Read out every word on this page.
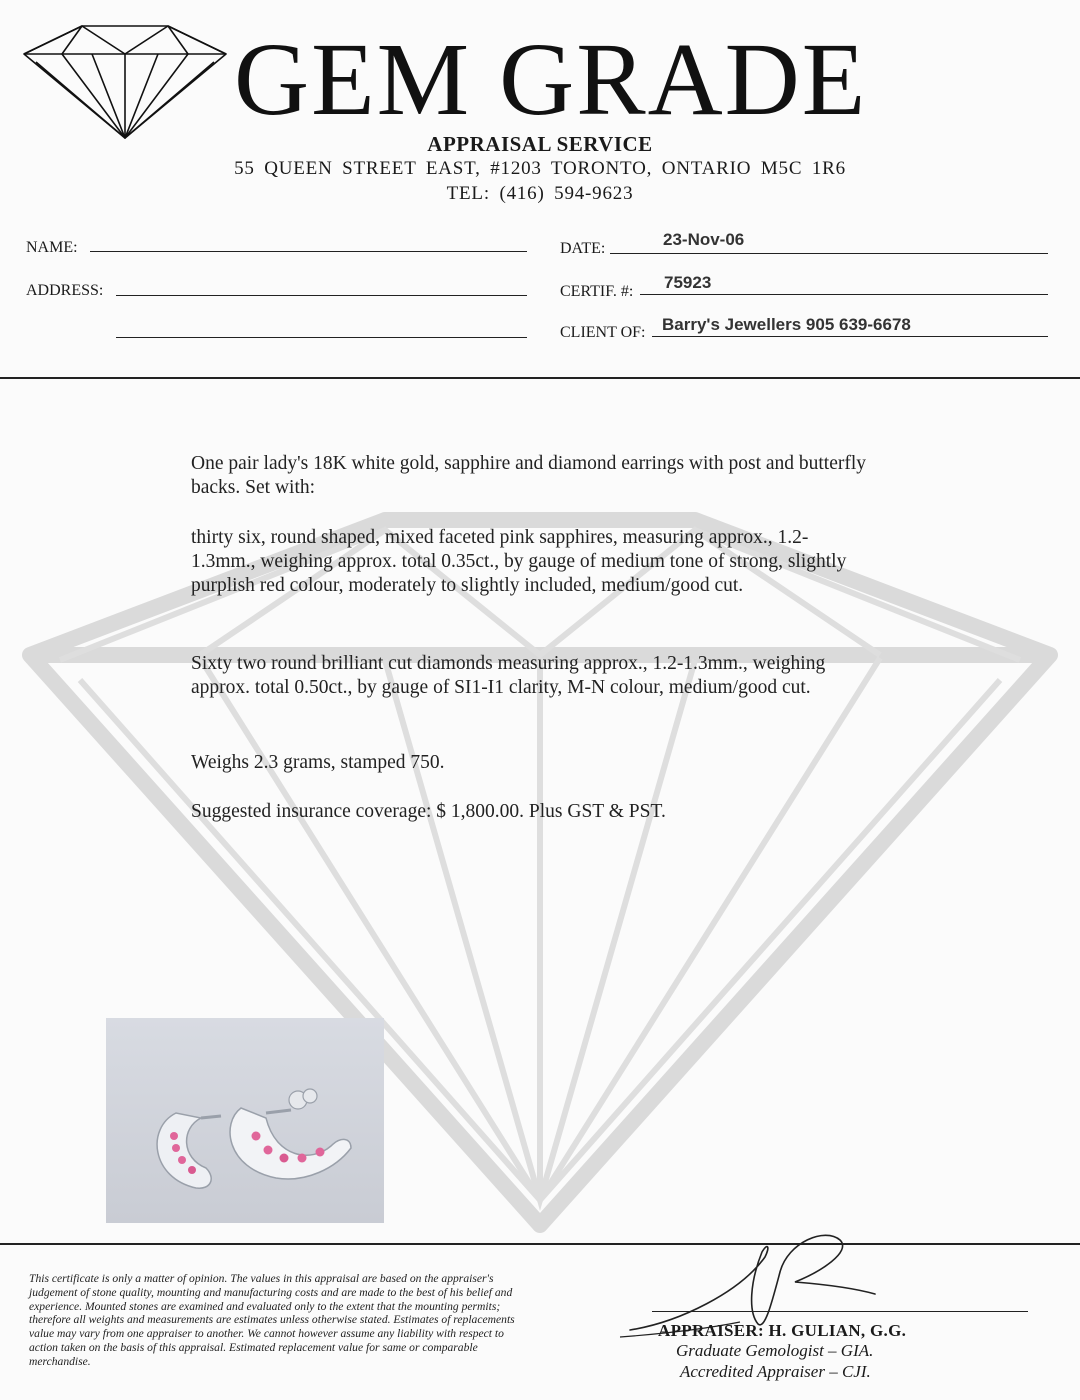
GEM GRADE
APPRAISAL SERVICE
55 QUEEN STREET EAST, #1203 TORONTO, ONTARIO M5C 1R6
TEL: (416) 594-9623
NAME:
ADDRESS:
DATE:	23-Nov-06
CERTIF. #: 75923
CLIENT OF: Barry's Jewellers 905 639-6678

One pair lady's 18K white gold, sapphire and diamond earrings with post and butterfly backs. Set with:

thirty six, round shaped, mixed faceted pink sapphires, measuring approx., 1.2-1.3mm., weighing approx. total 0.35ct., by gauge of medium tone of strong, slightly purplish red colour, moderately to slightly included, medium/good cut.

Sixty two round brilliant cut diamonds measuring approx., 1.2-1.3mm., weighing approx. total 0.50ct., by gauge of SI1-I1 clarity, M-N colour, medium/good cut.

Weighs 2.3 grams, stamped 750.

Suggested insurance coverage: $ 1,800.00. Plus GST & PST.

This certificate is only a matter of opinion. The values in this appraisal are based on the appraiser's judgement of stone quality, mounting and manufacturing costs and are made to the best of his belief and experience. Mounted stones are examined and evaluated only to the extent that the mounting permits; therefore all weights and measurements are estimates unless otherwise stated. Estimates of replacements value may vary from one appraiser to another. We cannot however assume any liability with respect to action taken on the basis of this appraisal. Estimated replacement value for same or comparable merchandise.
APPRAISER: H. GULIAN, G.G.
Graduate Gemologist – GIA.
Accredited Appraiser – CJI.
